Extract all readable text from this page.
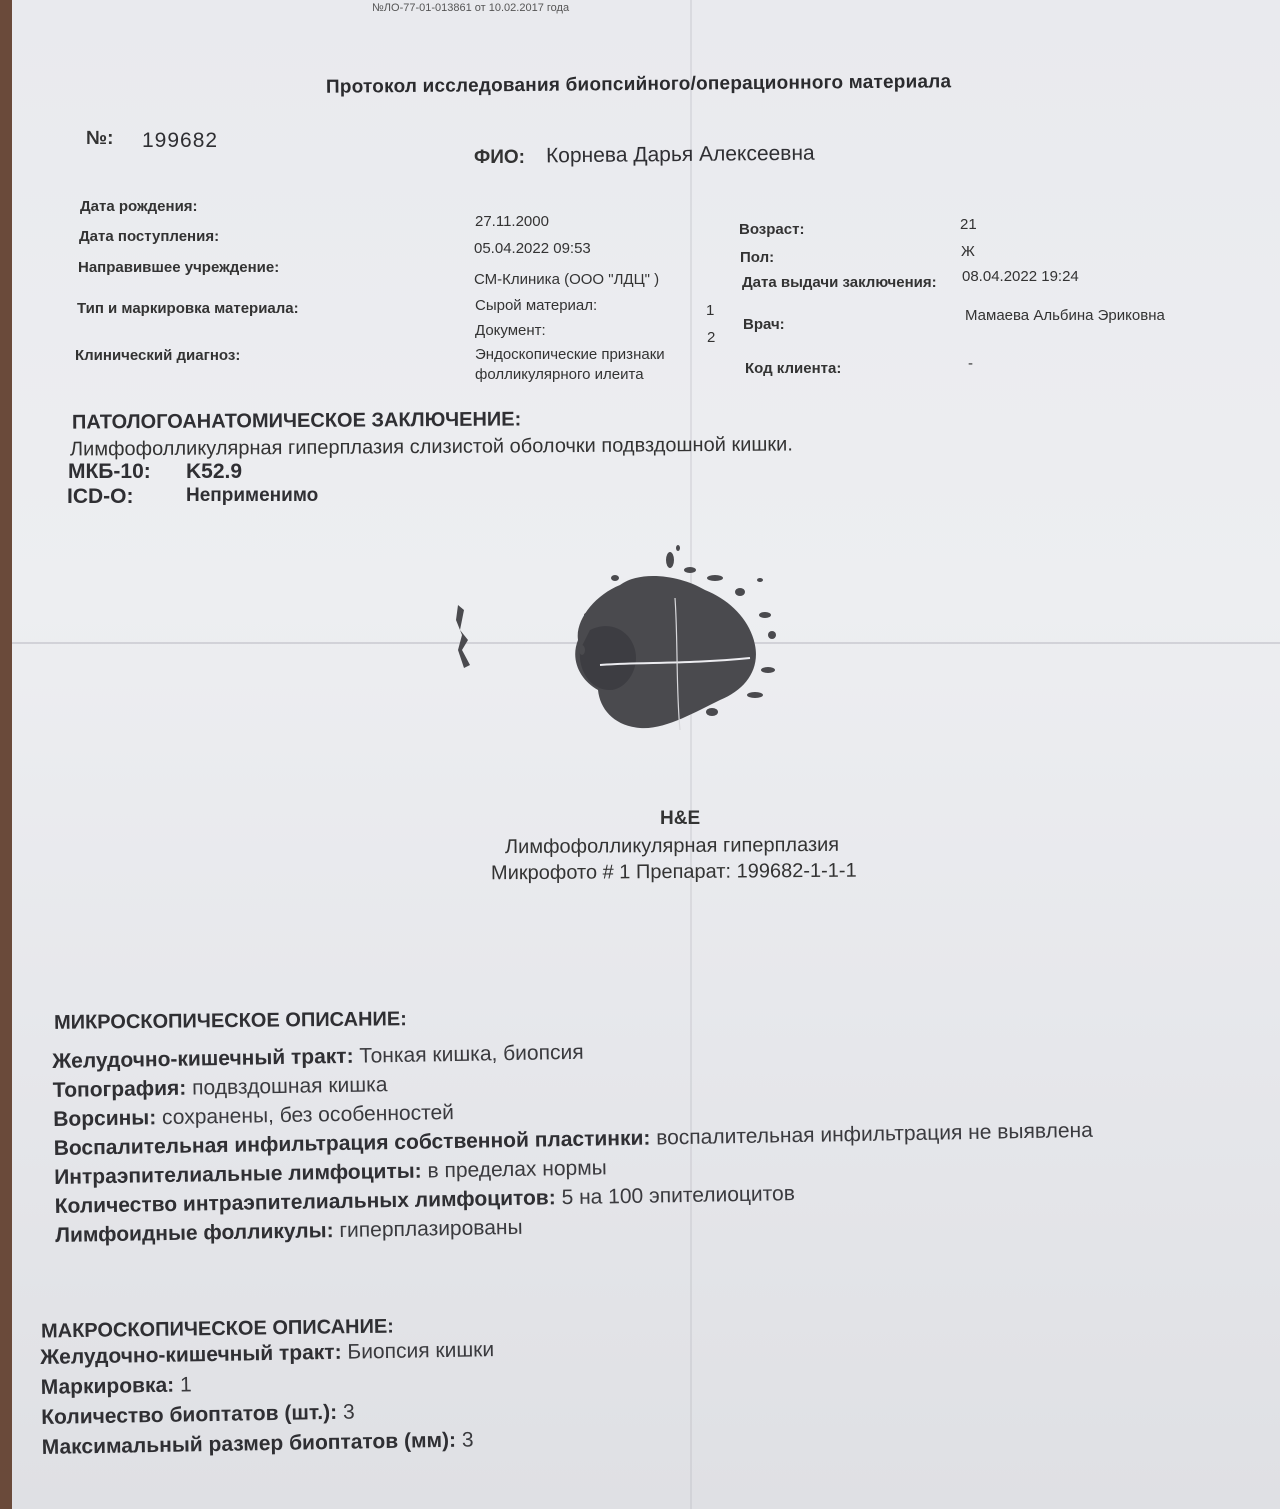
№ЛО-77-01-013861 от 10.02.2017 года
Протокол исследования биопсийного/операционного материала
№: 199682
ФИО: Корнева Дарья Алексеевна
Дата рождения:
27.11.2000
Дата поступления:
05.04.2022 09:53
Направившее учреждение:
СМ-Клиника (ООО "ЛДЦ" )
Тип и маркировка материала:	Сырой материал:	1
Документ:	2
Клинический диагноз:	Эндоскопические признаки
фолликулярного илеита
Возраст:	21
Пол:	Ж
Дата выдачи заключения: 08.04.2022 19:24
Врач:
Мамаева Альбина Эриковна
Код клиента:	-
ПАТОЛОГОАНАТОМИЧЕСКОЕ ЗАКЛЮЧЕНИЕ:
Лимфофолликулярная гиперплазия слизистой оболочки подвздошной кишки.
МКБ-10: K52.9
ICD-O:	Неприменимо
H&E
Лимфофолликулярная гиперплазия
Микрофото # 1 Препарат: 199682-1-1-1
МИКРОСКОПИЧЕСКОЕ ОПИСАНИЕ:
Желудочно-кишечный тракт: Тонкая кишка, биопсия
Топография: подвздошная кишка
Ворсины: сохранены, без особенностей
Воспалительная инфильтрация собственной пластинки: воспалительная инфильтрация не выявлена
Интраэпителиальные лимфоциты: в пределах нормы
Количество интраэпителиальных лимфоцитов: 5 на 100 эпителиоцитов
Лимфоидные фолликулы: гиперплазированы
МАКРОСКОПИЧЕСКОЕ ОПИСАНИЕ:
Желудочно-кишечный тракт: Биопсия кишки
Маркировка: 1
Количество биоптатов (шт.): 3
Максимальный размер биоптатов (мм): 3
